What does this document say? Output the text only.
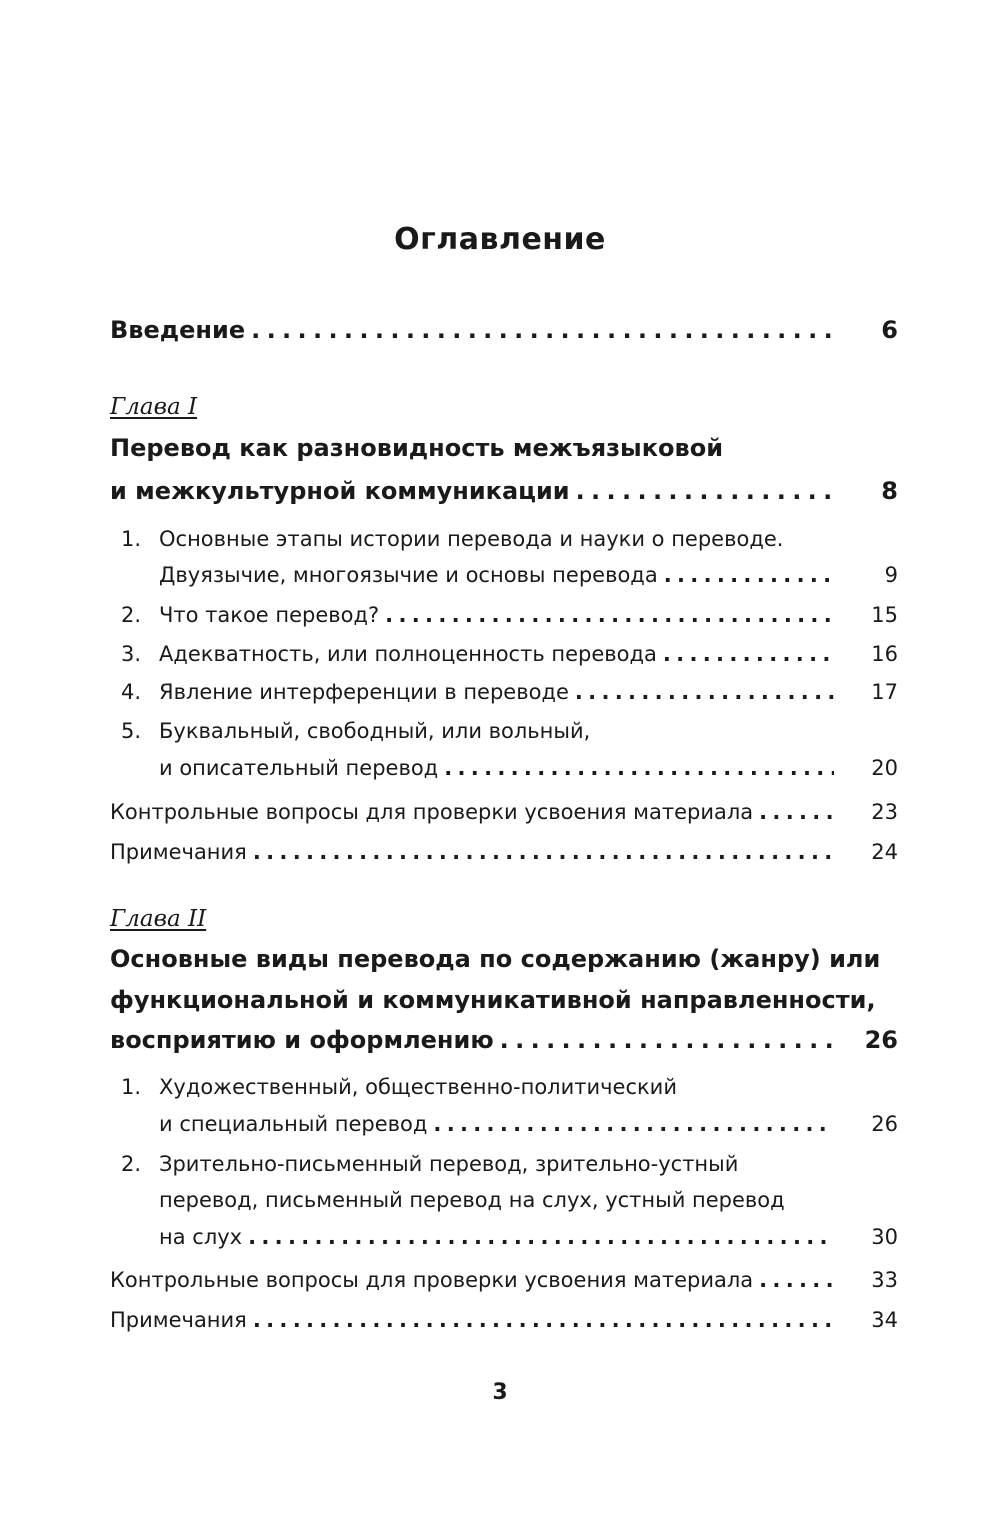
Оглавление
Введение . . .	6
Глава I
Перевод как разновидность межъязыковой
и межкультурной коммуникации . . .	8
1. Основные этапы истории перевода и науки о переводе.
Двуязычие, многоязычие и основы перевода . . .	9
2. Что такое перевод? . . .	15
3. Адекватность, или полноценность перевода . . .	16
4. Явление интерференции в переводе . . .	17
5. Буквальный, свободный, или вольный,
и описательный перевод . . .	20
Контрольные вопросы для проверки усвоения материала . . .	23
Примечания . . .	24
Глава II
Основные виды перевода по содержанию (жанру) или
функциональной и коммуникативной направленности,
восприятию и оформлению . . .	26
1. Художественный, общественно-политический
и специальный перевод . . .	26
2. Зрительно-письменный перевод, зрительно-устный
перевод, письменный перевод на слух, устный перевод
на слух . . .	30
Контрольные вопросы для проверки усвоения материала . . .	33
Примечания . . .	34
3
